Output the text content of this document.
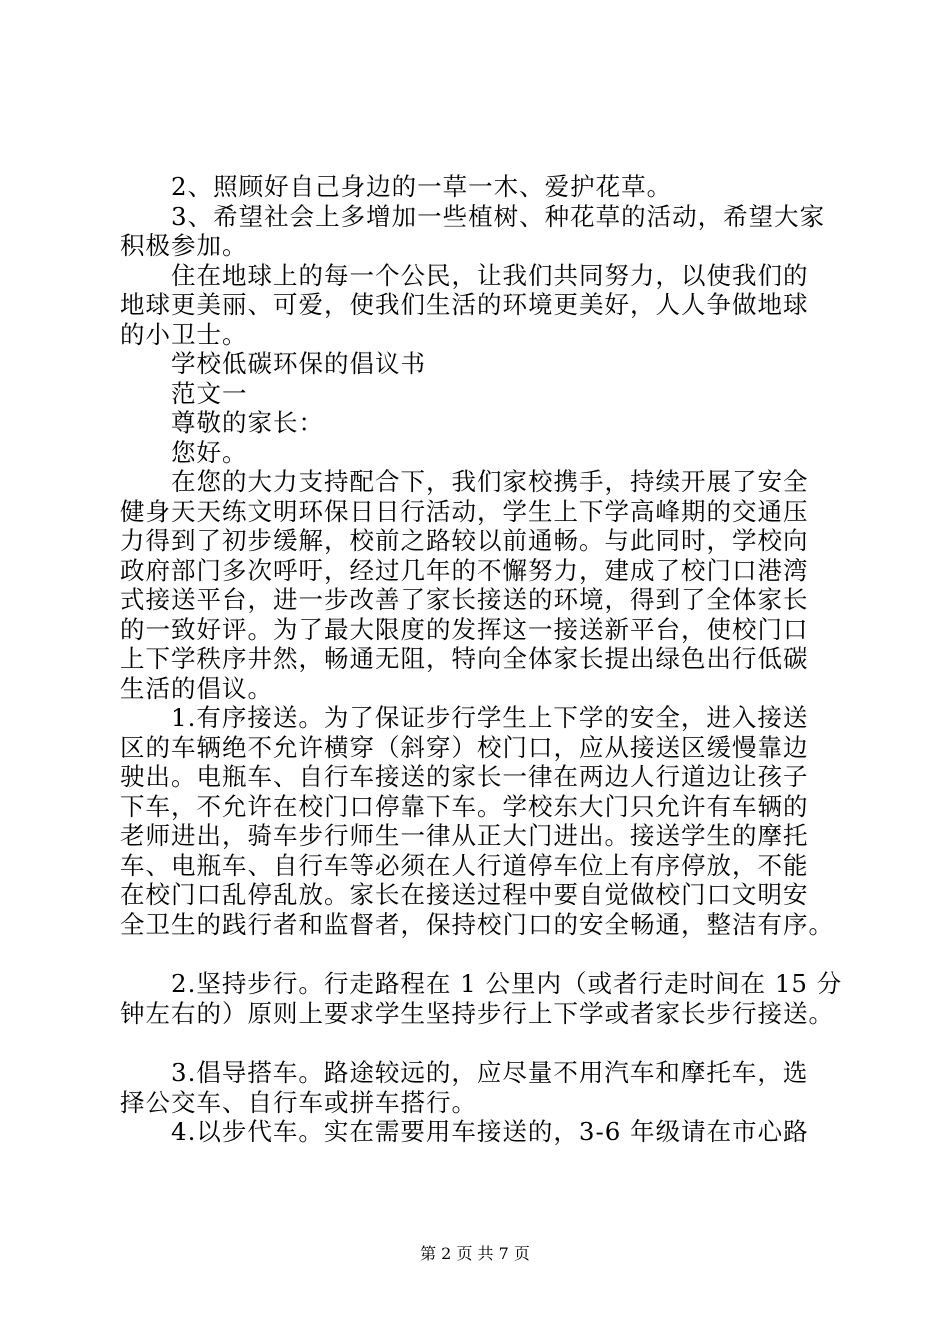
　　2、照顾好自己身边的一草一木、爱护花草。
　　3、希望社会上多增加一些植树、种花草的活动，希望大家
积极参加。
　　住在地球上的每一个公民，让我们共同努力，以使我们的
地球更美丽、可爱，使我们生活的环境更美好，人人争做地球
的小卫士。
　　学校低碳环保的倡议书
　　范文一
　　尊敬的家长：
　　您好。
　　在您的大力支持配合下，我们家校携手，持续开展了安全
健身天天练文明环保日日行活动，学生上下学高峰期的交通压
力得到了初步缓解，校前之路较以前通畅。与此同时，学校向
政府部门多次呼吁，经过几年的不懈努力，建成了校门口港湾
式接送平台，进一步改善了家长接送的环境，得到了全体家长
的一致好评。为了最大限度的发挥这一接送新平台，使校门口
上下学秩序井然，畅通无阻，特向全体家长提出绿色出行低碳
生活的倡议。
　　1.有序接送。为了保证步行学生上下学的安全，进入接送
区的车辆绝不允许横穿（斜穿）校门口，应从接送区缓慢靠边
驶出。电瓶车、自行车接送的家长一律在两边人行道边让孩子
下车，不允许在校门口停靠下车。学校东大门只允许有车辆的
老师进出，骑车步行师生一律从正大门进出。接送学生的摩托
车、电瓶车、自行车等必须在人行道停车位上有序停放，不能
在校门口乱停乱放。家长在接送过程中要自觉做校门口文明安
全卫生的践行者和监督者，保持校门口的安全畅通，整洁有序。
　　2.坚持步行。行走路程在 1 公里内（或者行走时间在 15 分
钟左右的）原则上要求学生坚持步行上下学或者家长步行接送。
　　3.倡导搭车。路途较远的，应尽量不用汽车和摩托车，选
择公交车、自行车或拼车搭行。
　　4.以步代车。实在需要用车接送的，3-6 年级请在市心路
第 2 页 共 7 页
